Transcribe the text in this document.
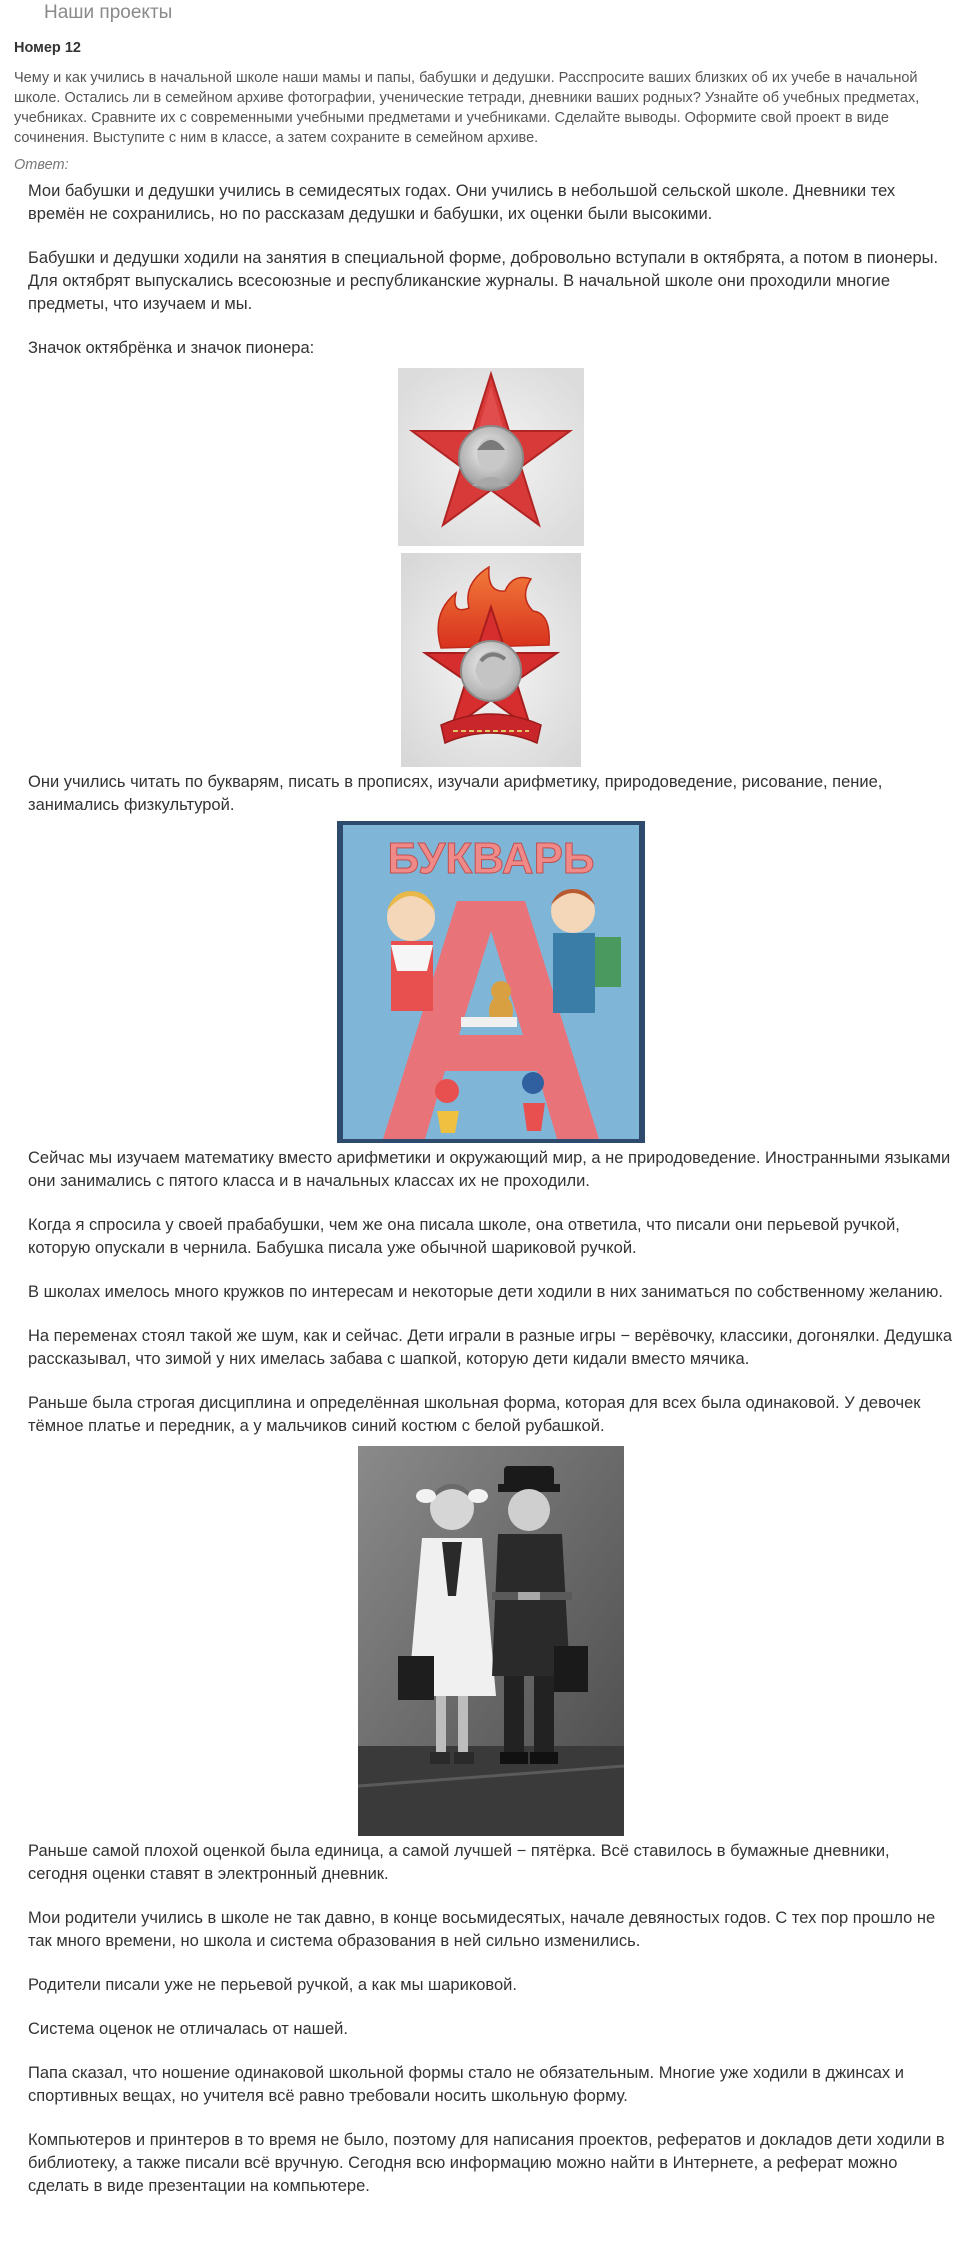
Наши проекты
Номер 12
Чему и как учились в начальной школе наши мамы и папы, бабушки и дедушки. Расспросите ваших близких об их учебе в начальной школе. Остались ли в семейном архиве фотографии, ученические тетради, дневники ваших родных? Узнайте об учебных предметах, учебниках. Сравните их с современными учебными предметами и учебниками. Сделайте выводы. Оформите свой проект в виде сочинения. Выступите с ним в классе, а затем сохраните в семейном архиве.
Ответ:

Мои бабушки и дедушки учились в семидесятых годах. Они учились в небольшой сельской школе. Дневники тех времён не сохранились, но по рассказам дедушки и бабушки, их оценки были высокими.

Бабушки и дедушки ходили на занятия в специальной форме, добровольно вступали в октябрята, а потом в пионеры. Для октябрят выпускались всесоюзные и республиканские журналы. В начальной школе они проходили многие предметы, что изучаем и мы.

Значок октябрёнка и значок пионера:

Они учились читать по букварям, писать в прописях, изучали арифметику, природоведение, рисование, пение, занимались физкультурой.

БУКВАРЬ

Сейчас мы изучаем математику вместо арифметики и окружающий мир, а не природоведение. Иностранными языками они занимались с пятого класса и в начальных классах их не проходили.

Когда я спросила у своей прабабушки, чем же она писала школе, она ответила, что писали они перьевой ручкой, которую опускали в чернила. Бабушка писала уже обычной шариковой ручкой.

В школах имелось много кружков по интересам и некоторые дети ходили в них заниматься по собственному желанию.

На переменах стоял такой же шум, как и сейчас. Дети играли в разные игры − верёвочку, классики, догонялки. Дедушка рассказывал, что зимой у них имелась забава с шапкой, которую дети кидали вместо мячика.

Раньше была строгая дисциплина и определённая школьная форма, которая для всех была одинаковой. У девочек тёмное платье и передник, а у мальчиков синий костюм с белой рубашкой.

Раньше самой плохой оценкой была единица, а самой лучшей − пятёрка. Всё ставилось в бумажные дневники, сегодня оценки ставят в электронный дневник.

Мои родители учились в школе не так давно, в конце восьмидесятых, начале девяностых годов. С тех пор прошло не так много времени, но школа и система образования в ней сильно изменились.

Родители писали уже не перьевой ручкой, а как мы шариковой.

Система оценок не отличалась от нашей.

Папа сказал, что ношение одинаковой школьной формы стало не обязательным. Многие уже ходили в джинсах и спортивных вещах, но учителя всё равно требовали носить школьную форму.

Компьютеров и принтеров в то время не было, поэтому для написания проектов, рефератов и докладов дети ходили в библиотеку, а также писали всё вручную. Сегодня всю информацию можно найти в Интернете, а реферат можно сделать в виде презентации на компьютере.
